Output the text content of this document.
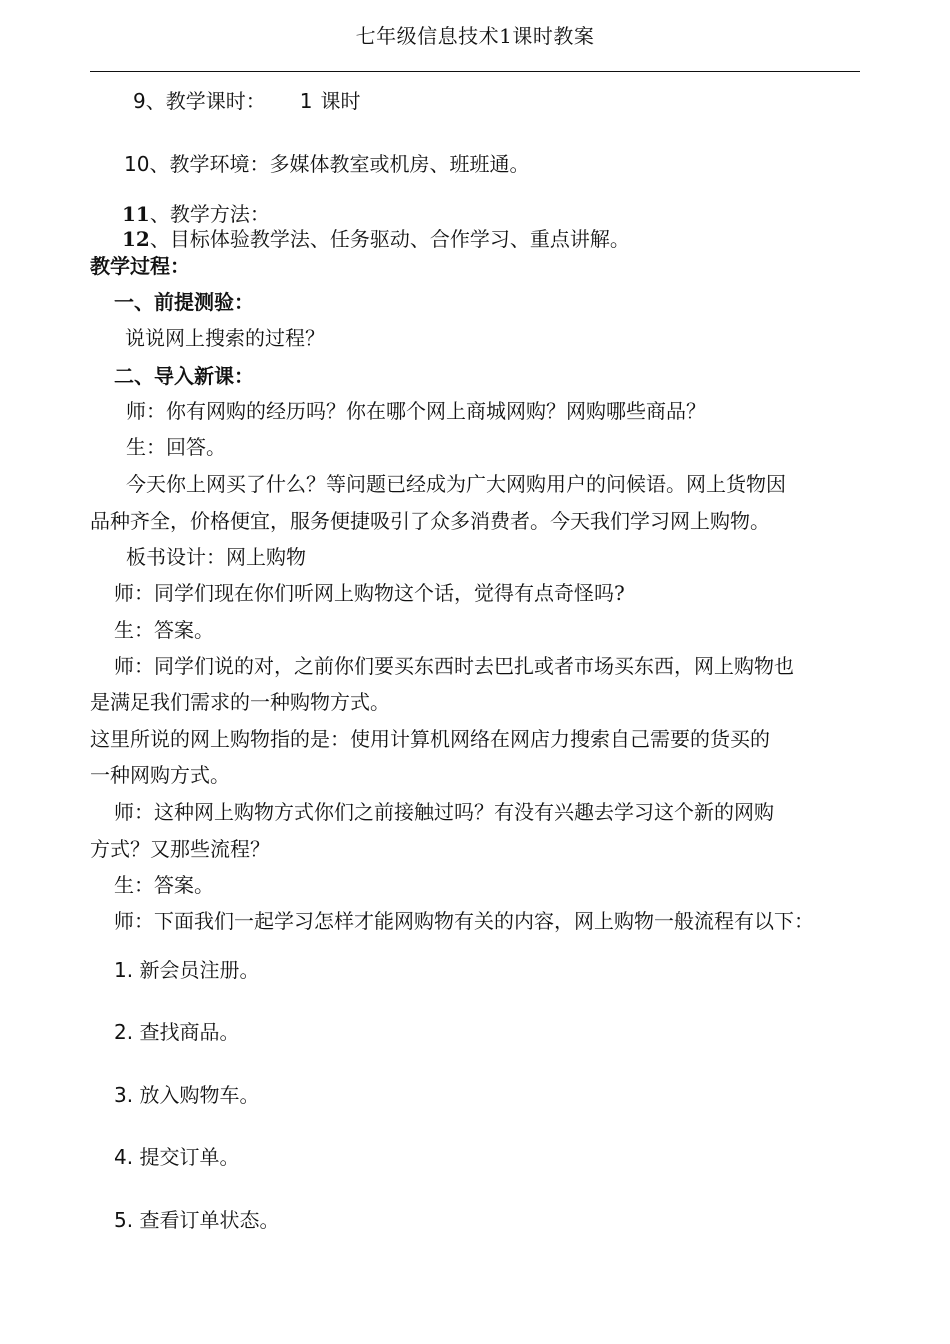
七年级信息技术1课时教案
9、教学课时： 1 课时
10、教学环境：多媒体教室或机房、班班通。
11、教学方法：
12、目标体验教学法、任务驱动、合作学习、重点讲解。
教学过程：
一、前提测验：
说说网上搜索的过程？
二、导入新课：
师：你有网购的经历吗？你在哪个网上商城网购？网购哪些商品？
生：回答。
今天你上网买了什么？等问题已经成为广大网购用户的问候语。网上货物因
品种齐全，价格便宜，服务便捷吸引了众多消费者。今天我们学习网上购物。
板书设计：网上购物
师：同学们现在你们听网上购物这个话，觉得有点奇怪吗?
生：答案。
师：同学们说的对，之前你们要买东西时去巴扎或者市场买东西，网上购物也
是满足我们需求的一种购物方式。
这里所说的网上购物指的是：使用计算机网络在网店力搜索自己需要的货买的
一种网购方式。
师：这种网上购物方式你们之前接触过吗？有没有兴趣去学习这个新的网购
方式？又那些流程？
生：答案。
师：下面我们一起学习怎样才能网购物有关的内容，网上购物一般流程有以下：
1. 新会员注册。
2. 查找商品。
3. 放入购物车。
4. 提交订单。
5. 查看订单状态。
